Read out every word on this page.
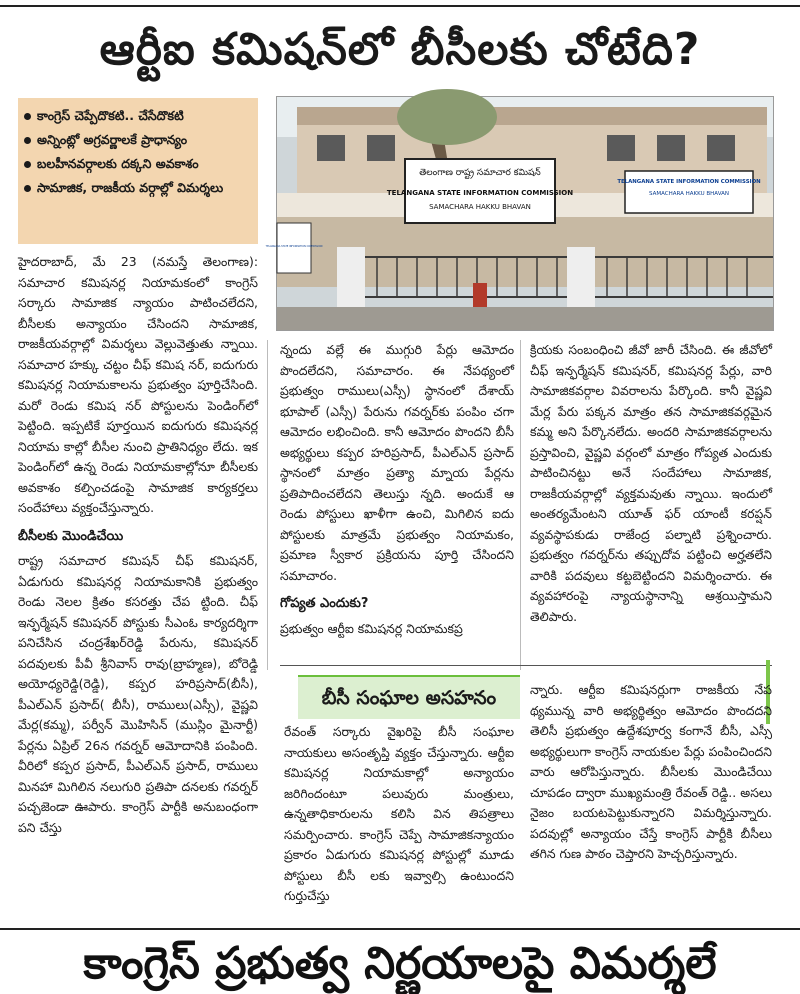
ఆర్టీఐ కమిషన్‌లో బీసీలకు చోటేది?
కాంగ్రెస్ చెప్పేదొకటి.. చేసేదొకటి
అన్నింట్లో అగ్రవర్ణాలకే ప్రాధాన్యం
బలహీనవర్గాలకు దక్కని అవకాశం
సామాజిక, రాజకీయ వర్గాల్లో విమర్శలు
తెలంగాణ రాష్ట్ర సమాచార కమిషన్
TELANGANA STATE INFORMATION COMMISSION
SAMACHARA HAKKU BHAVAN
TELANGANA STATE INFORMATION COMMISSION
SAMACHARA HAKKU BHAVAN
TELANGANA STATE INFORMATION COMMISSION

హైదరాబాద్, మే 23 (నమస్తే తెలంగాణ): సమాచార కమిషనర్ల నియామకంలో కాంగ్రెస్ సర్కారు సామాజిక న్యాయం పాటించలేదని, బీసీలకు అన్యాయం చేసిందని సామాజిక, రాజకీయవర్గాల్లో విమర్శలు వెల్లువెత్తుతు న్నాయి. సమాచార హక్కు చట్టం చీఫ్ కమిష నర్, ఐదుగురు కమిషనర్ల నియామకాలను ప్రభుత్వం పూర్తిచేసింది. మరో రెండు కమిష నర్ పోస్టులను పెండింగ్‌లో పెట్టింది. ఇప్పటికే పూర్తయిన ఐదుగురు కమిషనర్ల నియామ కాల్లో బీసీల నుంచి ప్రాతినిధ్యం లేదు. ఇక పెండింగ్‌లో ఉన్న రెండు నియామకాల్లోనూ బీసీలకు అవకాశం కల్పించడంపై సామాజిక కార్యకర్తలు సందేహాలు వ్యక్తంచేస్తున్నారు.

బీసీలకు మొండిచేయి

రాష్ట్ర సమాచార కమిషన్ చీఫ్ కమిషనర్, ఏడుగురు కమిషనర్ల నియామకానికి ప్రభుత్వం రెండు నెలల క్రితం కసరత్తు చేప ట్టింది. చీఫ్ ఇన్ఫర్మేషన్ కమిషనర్ పోస్టుకు సీఎంఓ కార్యదర్శిగా పనిచేసిన చంద్రశేఖర్‌రెడ్డి పేరును, కమిషనర్ పదవులకు పీవీ శ్రీనివాస్ రావు(బ్రాహ్మణ), బోరెడ్డి అయోధ్యరెడ్డి(రెడ్డి), కప్పర హరిప్రసాద్(బీసీ), పీఎల్‌ఎన్ ప్రసాద్( బీసీ), రాములు(ఎస్సీ), వైష్ణవి మేర్ల(కమ్మ), పర్వీన్ మొహిసిన్ (ముస్లిం మైనార్టీ) పేర్లను ఏప్రిల్ 26న గవర్నర్ ఆమోదానికి పంపింది. వీరిలో కప్పర ప్రసాద్, పీఎల్‌ఎన్ ప్రసాద్, రాములు మినహా మిగిలిన నలుగురి ప్రతిపా దనలకు గవర్నర్ పచ్చజెండా ఊపారు. కాంగ్రెస్ పార్టీకి అనుబంధంగా పని చేస్తు

న్నందు వల్లే ఈ ముగ్గురి పేర్లు ఆమోదం పొందలేదని, సమాచారం. ఈ నేపథ్యంలో ప్రభుత్వం రాములు(ఎస్సీ) స్థానంలో దేశాయ్ భూపాల్ (ఎస్సీ) పేరును గవర్నర్‌కు పంపిం చగా ఆమోదం లభించింది. కానీ ఆమోదం పొందని బీసీ అభ్యర్థులు కప్పర హరిప్రసాద్, పీఎల్‌ఎన్ ప్రసాద్ స్థానంలో మాత్రం ప్రత్యా మ్నాయ పేర్లను ప్రతిపాదించలేదని తెలుస్తు న్నది. అందుకే ఆ రెండు పోస్టులు ఖాళీగా ఉంచి, మిగిలిన ఐదు పోస్టులకు మాత్రమే ప్రభుత్వం నియామకం, ప్రమాణ స్వీకార ప్రక్రియను పూర్తి చేసిందని సమాచారం.

గోప్యత ఎందుకు?

ప్రభుత్వం ఆర్టీఐ కమిషనర్ల నియామకప్ర

క్రియకు సంబంధించి జీవో జారీ చేసింది. ఈ జీవోలో చీఫ్ ఇన్ఫర్మేషన్ కమిషనర్, కమిషనర్ల పేర్లు, వారి సామాజికవర్గాల వివరాలను పేర్కొంది. కానీ వైష్ణవి మేర్ల పేరు పక్కన మాత్రం తన సామాజికవర్గమైన కమ్మ అని పేర్కొనలేదు. అందరి సామాజికవర్గాలను ప్రస్తావించి, వైష్ణవి వర్గంలో మాత్రం గోప్యత ఎందుకు పాటించినట్టు అనే సందేహాలు సామాజిక, రాజకీయవర్గాల్లో వ్యక్తమవుతు న్నాయి. ఇందులో అంతర్యమేంటని యూత్ ఫర్ యాంటీ కరప్షన్ వ్యవస్థాపకుడు రాజేంద్ర పల్నాటి ప్రశ్నించారు. ప్రభుత్వం గవర్నర్‌ను తప్పుదోవ పట్టించి అర్హతలేని వారికి పదవులు కట్టబెట్టిందని విమర్శించారు. ఈ వ్యవహారంపై న్యాయస్థానాన్ని ఆశ్రయిస్తామని తెలిపారు.

బీసీ సంఘాల అసహనం

రేవంత్ సర్కారు వైఖరిపై బీసీ సంఘాల నాయకులు అసంతృప్తి వ్యక్తం చేస్తున్నారు. ఆర్టీఐ కమిషనర్ల నియామకాల్లో అన్యాయం జరిగిందంటూ పలువురు మంత్రులు, ఉన్నతాధికారులను కలిసి విన తిపత్రాలు సమర్పించారు. కాంగ్రెస్ చెప్పే సామాజికన్యాయం ప్రకారం ఏడుగురు కమిషనర్ల పోస్టుల్లో మూడు పోస్టులు బీసీ లకు ఇవ్వాల్సి ఉంటుందని గుర్తుచేస్తు

న్నారు. ఆర్టీఐ కమిషనర్లుగా రాజకీయ నేప థ్యమున్న వారి అభ్యర్థిత్వం ఆమోదం పొందదని తెలిసీ ప్రభుత్వం ఉద్దేశపూర్వ కంగానే బీసీ, ఎస్సీ అభ్యర్థులుగా కాంగ్రెస్ నాయకుల పేర్లు పంపించిందని వారు ఆరోపిస్తున్నారు. బీసీలకు మొండిచేయి చూపడం ద్వారా ముఖ్యమంత్రి రేవంత్ రెడ్డి.. అసలు నైజం బయటపెట్టుకున్నారని విమర్శిస్తున్నారు. పదవుల్లో అన్యాయం చేస్తే కాంగ్రెస్ పార్టీకి బీసీలు తగిన గుణ పాఠం చెప్తారని హెచ్చరిస్తున్నారు.

కాంగ్రెస్ ప్రభుత్వ నిర్ణయాలపై విమర్శలే
